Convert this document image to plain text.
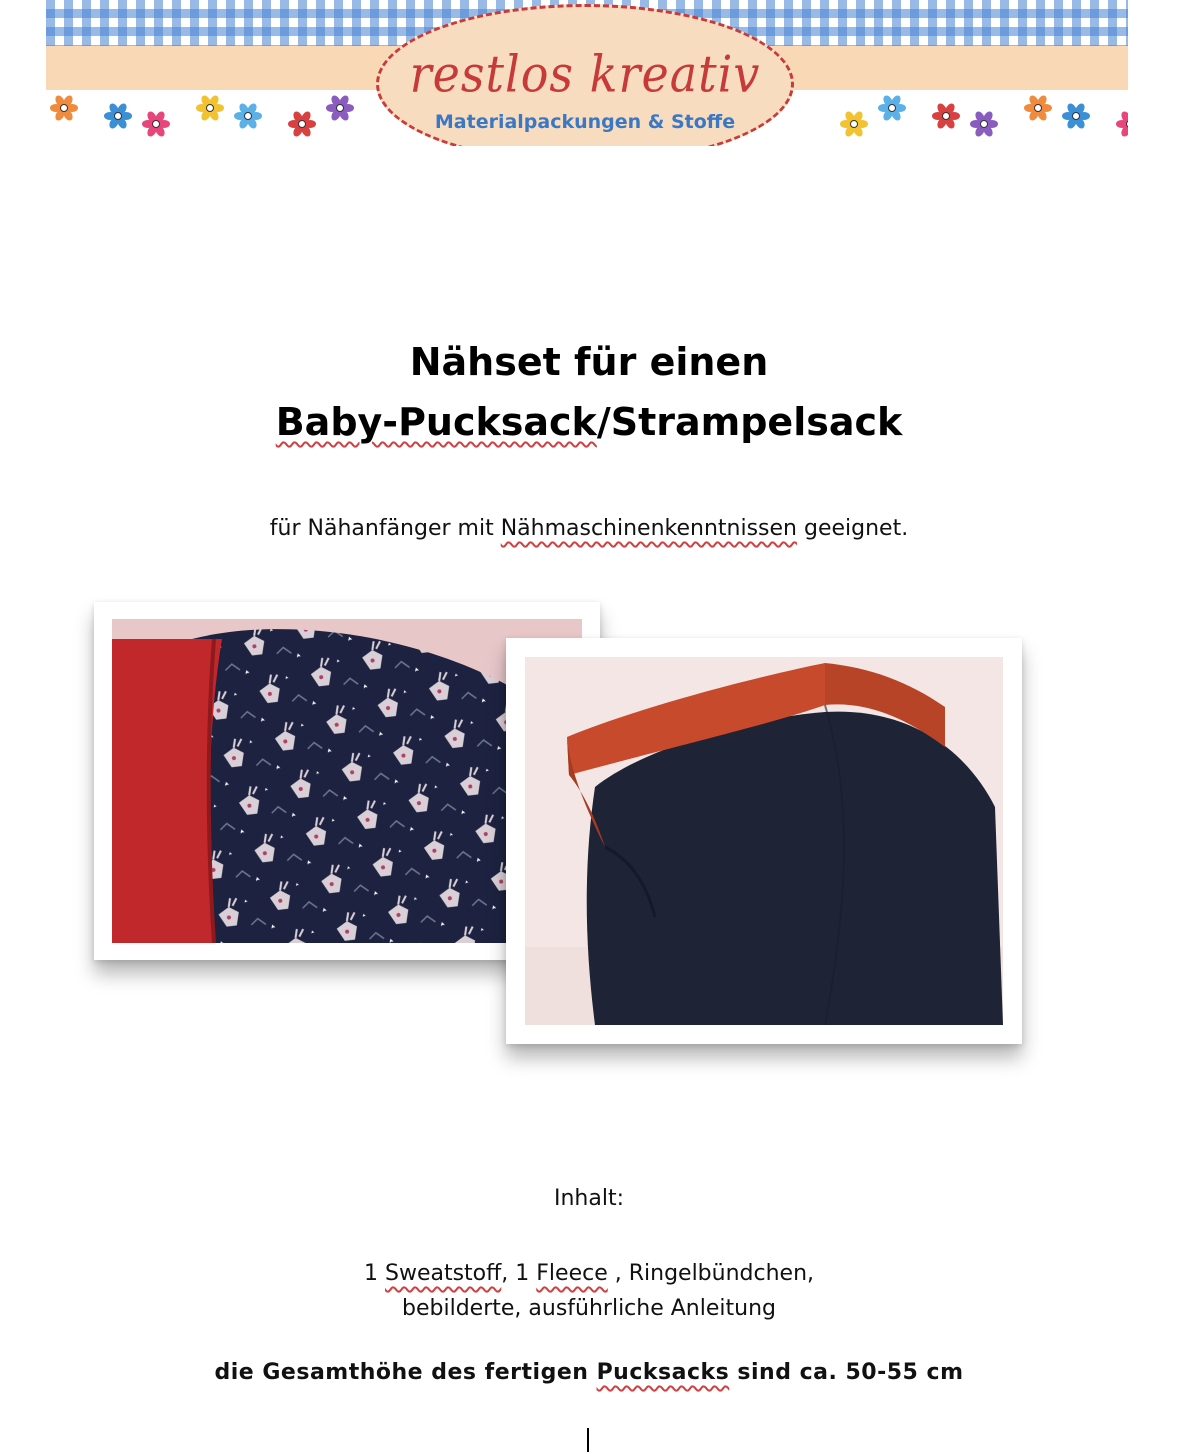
restlos kreativ
Materialpackungen & Stoffe
Nähset für einen
Baby-Pucksack/Strampelsack
für Nähanfänger mit Nähmaschinenkenntnissen geeignet.
Inhalt:
1 Sweatstoff, 1 Fleece , Ringelbündchen,
bebilderte, ausführliche Anleitung
die Gesamthöhe des fertigen Pucksacks sind ca. 50-55 cm
